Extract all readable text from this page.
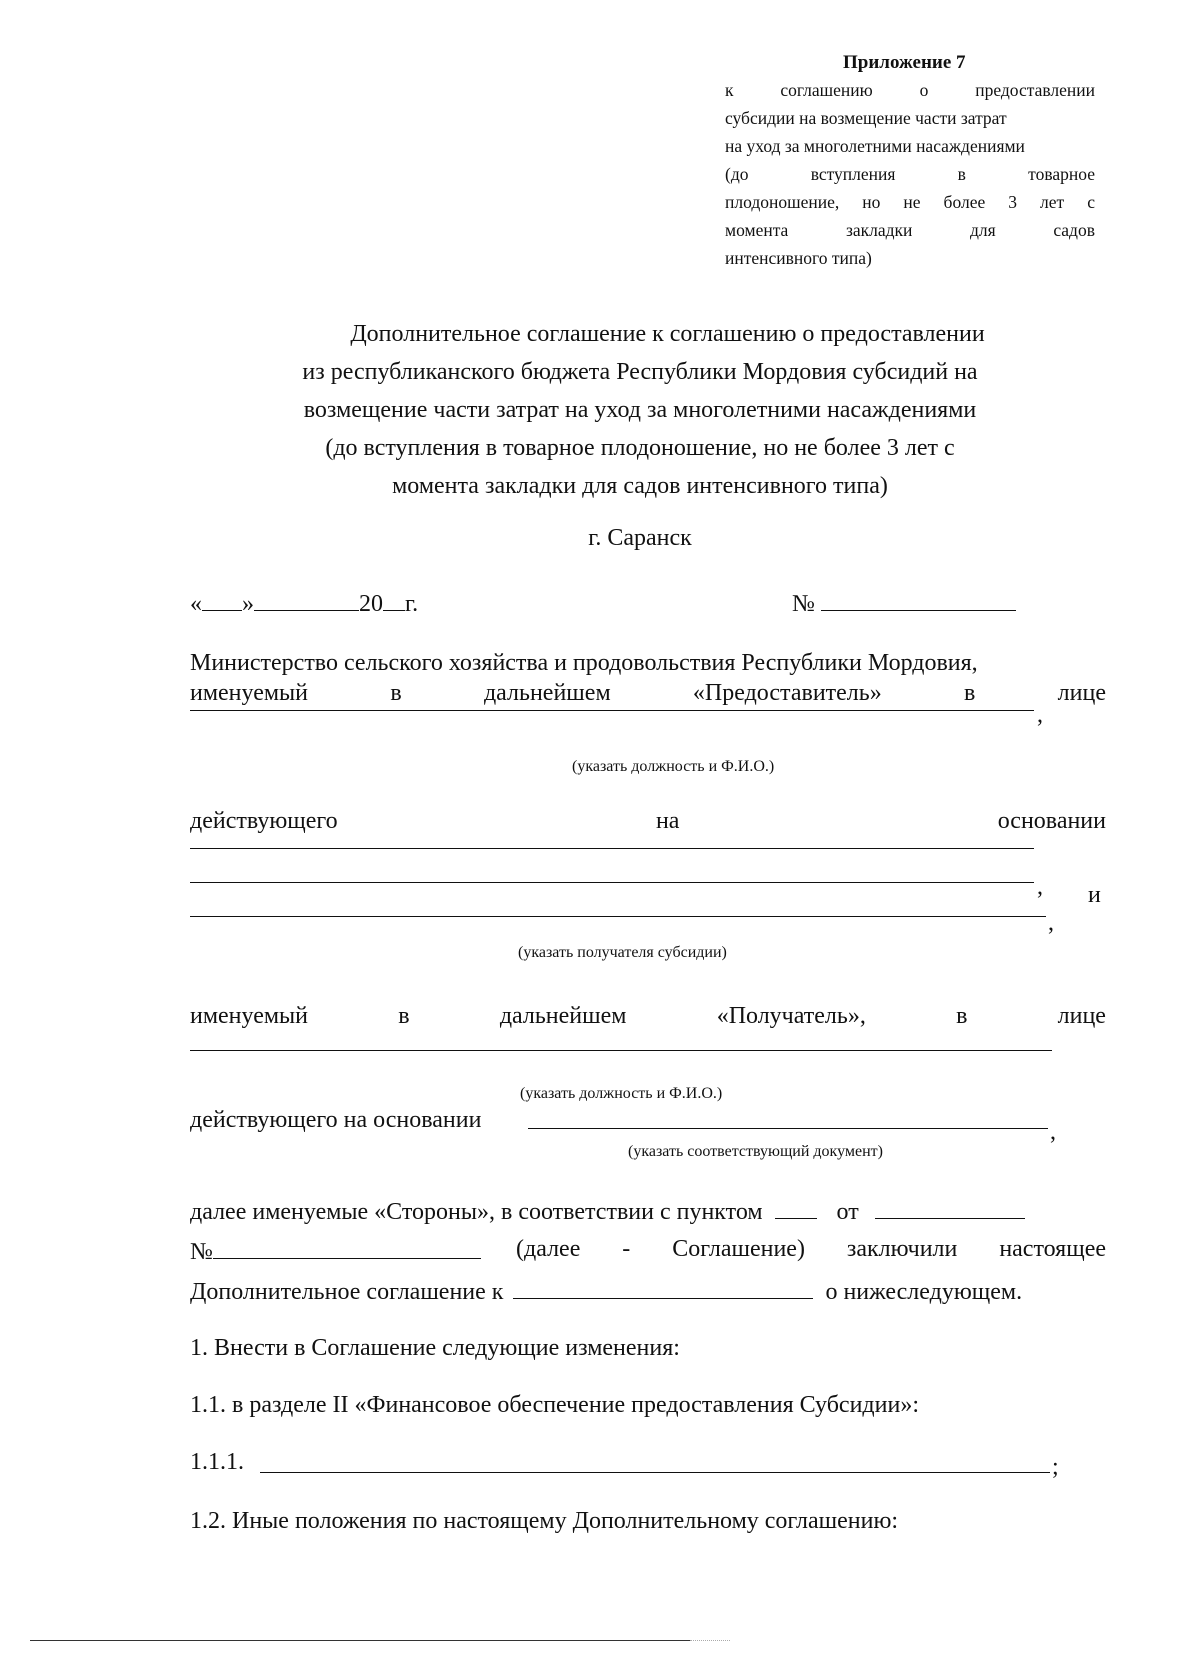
Приложение 7
к	соглашению	о	предоставлении
субсидии на возмещение части затрат
на уход за многолетними насаждениями
(до	вступления	в	товарное
плодоношение, но не более 3 лет с
момента	закладки	для	садов
интенсивного типа)
Дополнительное соглашение к соглашению о предоставлении
из республиканского бюджета Республики Мордовия субсидий на
возмещение части затрат на уход за многолетними насаждениями
(до вступления в товарное плодоношение, но не более 3 лет с
момента закладки для садов интенсивного типа)
г. Саранск
« »	20 г.	№
Министерство сельского хозяйства и продовольствия Республики Мордовия,
именуемый	в	дальнейшем	«Предоставитель»	в	лице
,
(указать должность и Ф.И.О.)
действующего	на	основании
, и
,
(указать получателя субсидии)
именуемый	в	дальнейшем	«Получатель»,	в	лице
(указать должность и Ф.И.О.)
действующего на основании	,
(указать соответствующий документ)
далее именуемые «Стороны», в соответствии с пунктом	от
№	(далее - Соглашение) заключили настоящее
Дополнительное соглашение к	о нижеследующем.
1. Внести в Соглашение следующие изменения:
1.1. в разделе II «Финансовое обеспечение предоставления Субсидии»:
1.1.1.	;
1.2. Иные положения по настоящему Дополнительному соглашению:
